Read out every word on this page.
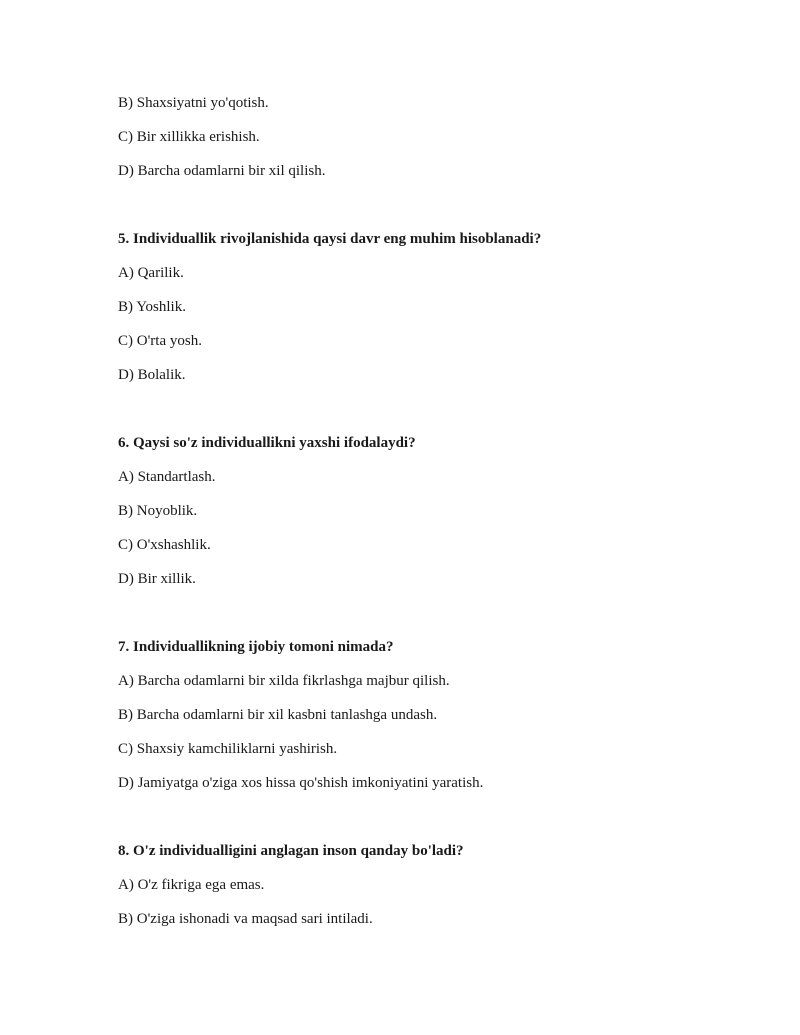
B) Shaxsiyatni yo'qotish.
C) Bir xillikka erishish.
D) Barcha odamlarni bir xil qilish.
5. Individuallik rivojlanishida qaysi davr eng muhim hisoblanadi?
A) Qarilik.
B) Yoshlik.
C) O'rta yosh.
D) Bolalik.
6. Qaysi so'z individuallikni yaxshi ifodalaydi?
A) Standartlash.
B) Noyoblik.
C) O'xshashlik.
D) Bir xillik.
7. Individuallikning ijobiy tomoni nimada?
A) Barcha odamlarni bir xilda fikrlashga majbur qilish.
B) Barcha odamlarni bir xil kasbni tanlashga undash.
C) Shaxsiy kamchiliklarni yashirish.
D) Jamiyatga o'ziga xos hissa qo'shish imkoniyatini yaratish.
8. O'z individualligini anglagan inson qanday bo'ladi?
A) O'z fikriga ega emas.
B) O'ziga ishonadi va maqsad sari intiladi.
